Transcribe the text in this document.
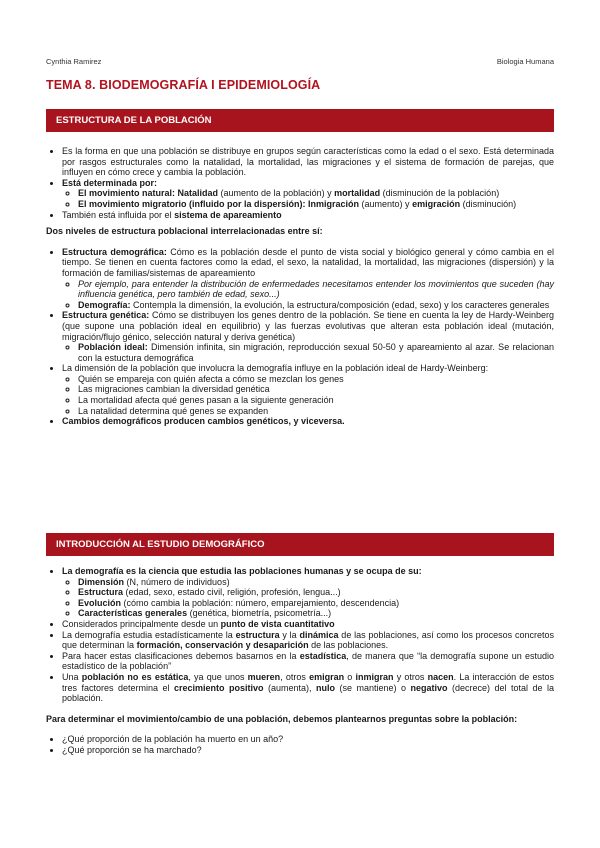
Cynthia Ramirez	Biologia Humana
TEMA 8. BIODEMOGRAFÍA I EPIDEMIOLOGÍA
ESTRUCTURA DE LA POBLACIÓN
• Es la forma en que una población se distribuye en grupos según características como la edad o el sexo. Está determinada por rasgos estructurales como la natalidad, la mortalidad, las migraciones y el sistema de formación de parejas, que influyen en cómo crece y cambia la población.
• Está determinada por:
◦ El movimiento natural: Natalidad (aumento de la población) y mortalidad (disminución de la población)
◦ El movimiento migratorio (influido por la dispersión): Inmigración (aumento) y emigración (disminución)
• También está influida por el sistema de apareamiento

Dos niveles de estructura poblacional interrelacionadas entre sí:

• Estructura demográfica: Cómo es la población desde el punto de vista social y biológico general y cómo cambia en el tiempo. Se tienen en cuenta factores como la edad, el sexo, la natalidad, la mortalidad, las migraciones (dispersión) y la formación de familias/sistemas de apareamiento
◦ Por ejemplo, para entender la distribución de enfermedades necesitamos entender los movimientos que suceden (hay influencia genética, pero también de edad, sexo...)
◦ Demografía: Contempla la dimensión, la evolución, la estructura/composición (edad, sexo) y los caracteres generales
• Estructura genética: Cómo se distribuyen los genes dentro de la población. Se tiene en cuenta la ley de Hardy-Weinberg (que supone una población ideal en equilibrio) y las fuerzas evolutivas que alteran esta población ideal (mutación, migración/flujo génico, selección natural y deriva genética)
◦ Población ideal: Dimensión infinita, sin migración, reproducción sexual 50-50 y apareamiento al azar. Se relacionan con la estuctura demográfica
• La dimensión de la población que involucra la demografía influye en la población ideal de Hardy-Weinberg:
◦ Quién se empareja con quién afecta a cómo se mezclan los genes
◦ Las migraciones cambian la diversidad genética
◦ La mortalidad afecta qué genes pasan a la siguiente generación
◦ La natalidad determina qué genes se expanden
• Cambios demográficos producen cambios genéticos, y viceversa.
INTRODUCCIÓN AL ESTUDIO DEMOGRÁFICO
• La demografía es la ciencia que estudia las poblaciones humanas y se ocupa de su:
◦ Dimensión (N, número de individuos)
◦ Estructura (edad, sexo, estado civil, religión, profesión, lengua...)
◦ Evolución (cómo cambia la población: número, emparejamiento, descendencia)
◦ Características generales (genética, biometría, psicometría...)
• Considerados principalmente desde un punto de vista cuantitativo
• La demografía estudia estadísticamente la estructura y la dinámica de las poblaciones, así como los procesos concretos que determinan la formación, conservación y desaparición de las poblaciones.
• Para hacer estas clasificaciones debemos basarnos en la estadística, de manera que “la demografía supone un estudio estadístico de la población”
• Una población no es estática, ya que unos mueren, otros emigran o inmigran y otros nacen. La interacción de estos tres factores determina el crecimiento positivo (aumenta), nulo (se mantiene) o negativo (decrece) del total de la población.

Para determinar el movimiento/cambio de una población, debemos plantearnos preguntas sobre la población:

• ¿Qué proporción de la población ha muerto en un año?
• ¿Qué proporción se ha marchado?
